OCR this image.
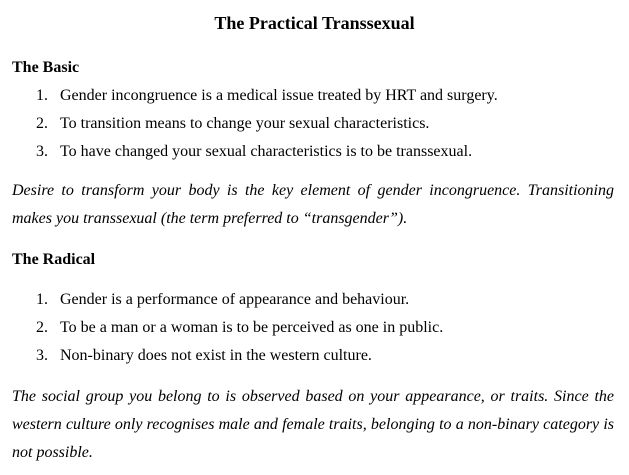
The Practical Transsexual
The Basic
1. Gender incongruence is a medical issue treated by HRT and surgery.
2. To transition means to change your sexual characteristics.
3. To have changed your sexual characteristics is to be transsexual.
Desire to transform your body is the key element of gender incongruence. Transitioning
makes you transsexual (the term preferred to “transgender”).
The Radical
1. Gender is a performance of appearance and behaviour.
2. To be a man or a woman is to be perceived as one in public.
3. Non-binary does not exist in the western culture.
The social group you belong to is observed based on your appearance, or traits. Since the
western culture only recognises male and female traits, belonging to a non-binary category is
not possible.
